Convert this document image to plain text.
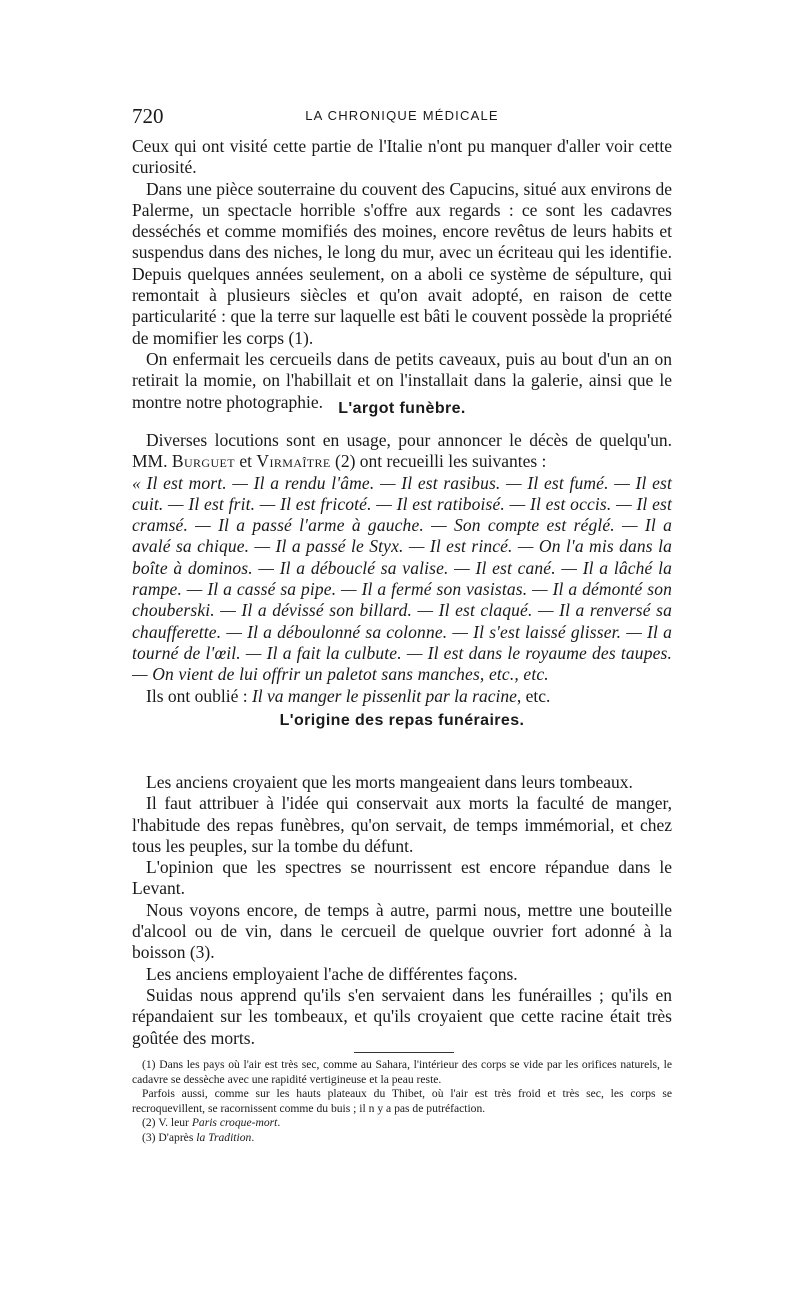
720	LA CHRONIQUE MÉDICALE

Ceux qui ont visité cette partie de l'Italie n'ont pu manquer d'aller voir cette curiosité.

Dans une pièce souterraine du couvent des Capucins, situé aux environs de Palerme, un spectacle horrible s'offre aux regards : ce sont les cadavres desséchés et comme momifiés des moines, encore revêtus de leurs habits et suspendus dans des niches, le long du mur, avec un écriteau qui les identifie. Depuis quelques années seulement, on a aboli ce système de sépulture, qui remontait à plusieurs siècles et qu'on avait adopté, en raison de cette particularité : que la terre sur laquelle est bâti le couvent possède la propriété de momifier les corps (1).

On enfermait les cercueils dans de petits caveaux, puis au bout d'un an on retirait la momie, on l'habillait et on l'installait dans la galerie, ainsi que le montre notre photographie. L'argot funèbre.

Diverses locutions sont en usage, pour annoncer le décès de quelqu'un. MM. Burguet et Virmaître (2) ont recueilli les suivantes :

« Il est mort. — Il a rendu l'âme. — Il est rasibus. — Il est fumé. — Il est cuit. — Il est frit. — Il est fricoté. — Il est ratiboisé. — Il est occis. — Il est cramsé. — Il a passé l'arme à gauche. — Son compte est réglé. — Il a avalé sa chique. — Il a passé le Styx. — Il est rincé. — On l'a mis dans la boîte à dominos. — Il a débouclé sa valise. — Il est cané. — Il a lâché la rampe. — Il a cassé sa pipe. — Il a fermé son vasistas. — Il a démonté son chouberski. — Il a dévissé son billard. — Il est claqué. — Il a renversé sa chaufferette. — Il a déboulonné sa colonne. — Il s'est laissé glisser. — Il a tourné de l'œil. — Il a fait la culbute. — Il est dans le royaume des taupes. — On vient de lui offrir un paletot sans manches, etc., etc.

Ils ont oublié : Il va manger le pissenlit par la racine, etc.

L'origine des repas funéraires.

Les anciens croyaient que les morts mangeaient dans leurs tombeaux.

Il faut attribuer à l'idée qui conservait aux morts la faculté de manger, l'habitude des repas funèbres, qu'on servait, de temps immémorial, et chez tous les peuples, sur la tombe du défunt.

L'opinion que les spectres se nourrissent est encore répandue dans le Levant.

Nous voyons encore, de temps à autre, parmi nous, mettre une bouteille d'alcool ou de vin, dans le cercueil de quelque ouvrier fort adonné à la boisson (3).

Les anciens employaient l'ache de différentes façons.

Suidas nous apprend qu'ils s'en servaient dans les funérailles ; qu'ils en répandaient sur les tombeaux, et qu'ils croyaient que cette racine était très goûtée des morts.

(1) Dans les pays où l'air est très sec, comme au Sahara, l'intérieur des corps se vide par les orifices naturels, le cadavre se dessèche avec une rapidité vertigineuse et la peau reste.

Parfois aussi, comme sur les hauts plateaux du Thibet, où l'air est très froid et très sec, les corps se recroquevillent, se racornissent comme du buis ; il n y a pas de putréfaction.

(2) V. leur Paris croque-mort.

(3) D'après la Tradition.
